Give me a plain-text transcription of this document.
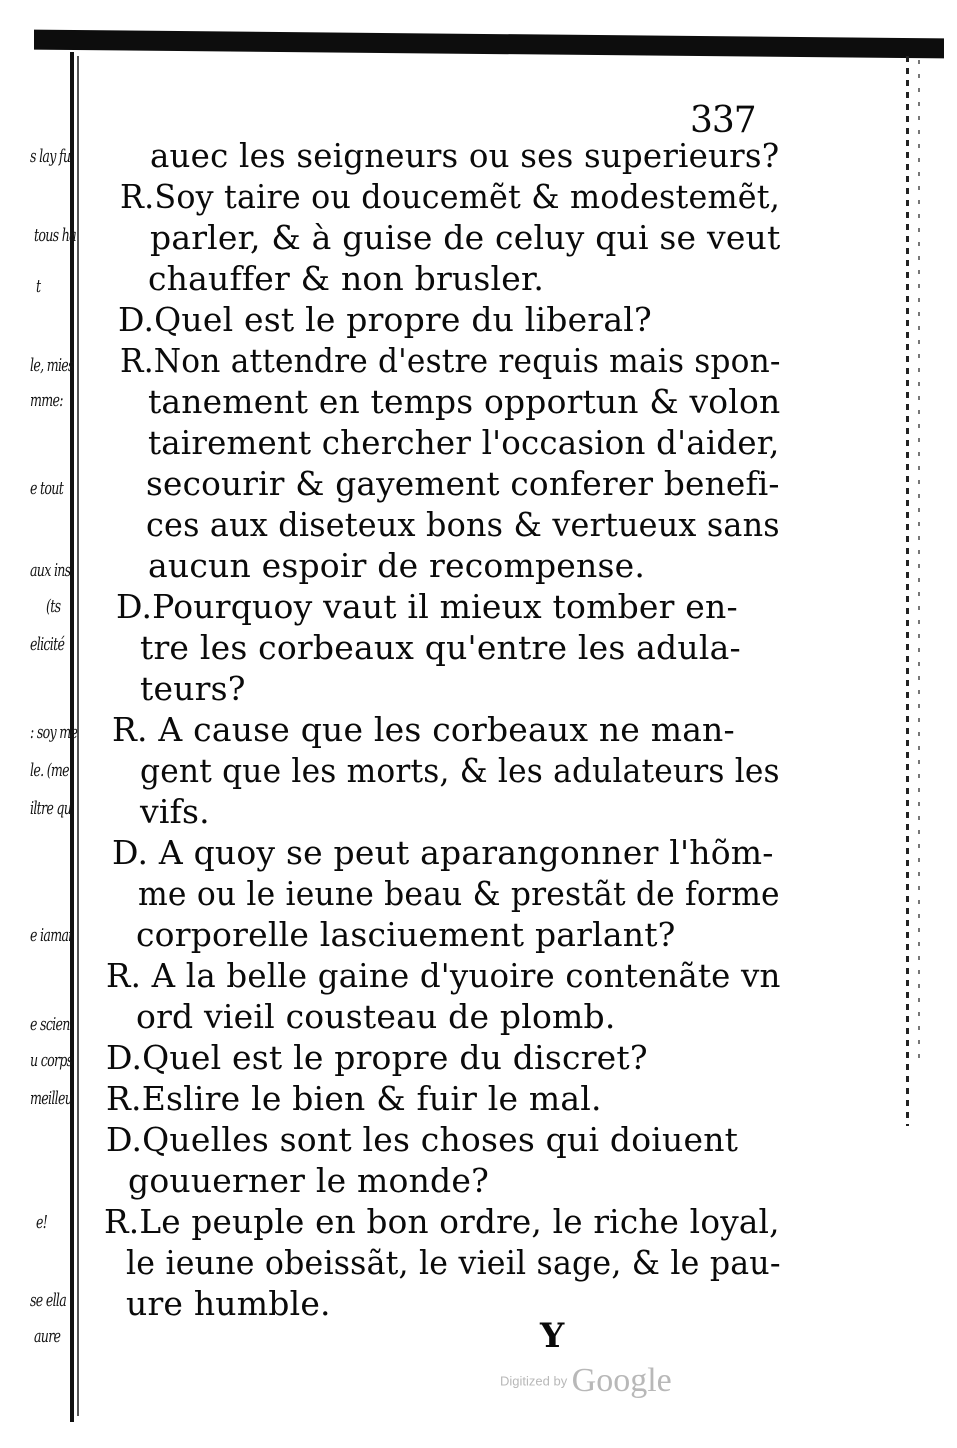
s lay fu
tous ha
t
le, mies
mme:
e tout
aux ins
(ts
elicité
: soy me
le. (me
iltre qu
e iamai
e scien
u corps
meilleu
e!
se ella
aure
337
auec les seigneurs ou ses superieurs?
R.Soy taire ou doucemẽt & modestemẽt,
parler, & à guise de celuy qui se veut
chauffer & non brusler.
D.Quel est le propre du liberal?
R.Non attendre d'estre requis mais spon-
tanement en temps opportun & volon
tairement chercher l'occasion d'aider,
secourir & gayement conferer benefi-
ces aux diseteux bons & vertueux sans
aucun espoir de recompense.
D.Pourquoy vaut il mieux tomber en-
tre les corbeaux qu'entre les adula-
teurs?
R. A cause que les corbeaux ne man-
gent que les morts, & les adulateurs les
vifs.
D. A quoy se peut aparangonner l'hõm-
me ou le ieune beau & prestãt de forme
corporelle lasciuement parlant?
R. A la belle gaine d'yuoire contenãte vn
ord vieil cousteau de plomb.
D.Quel est le propre du discret?
R.Eslire le bien & fuir le mal.
D.Quelles sont les choses qui doiuent
gouuerner le monde?
R.Le peuple en bon ordre, le riche loyal,
le ieune obeissãt, le vieil sage, & le pau-
ure humble.
Y
Digitized by Google
